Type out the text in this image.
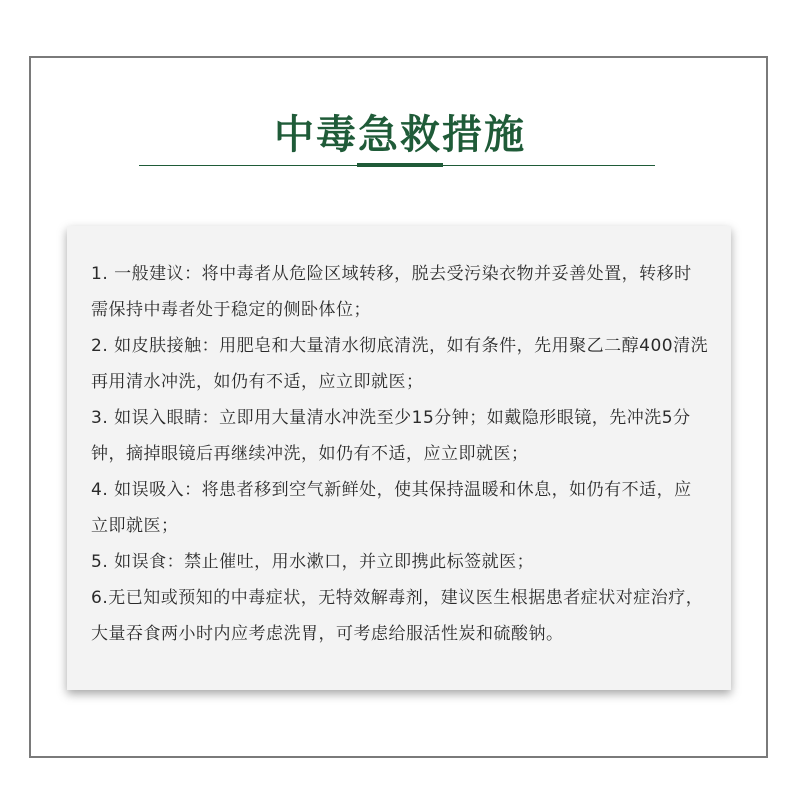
中毒急救措施

1. 一般建议：将中毒者从危险区域转移，脱去受污染衣物并妥善处置，转移时需保持中毒者处于稳定的侧卧体位；

2. 如皮肤接触：用肥皂和大量清水彻底清洗，如有条件，先用聚乙二醇400清洗再用清水冲洗，如仍有不适，应立即就医；

3. 如误入眼睛：立即用大量清水冲洗至少15分钟；如戴隐形眼镜，先冲洗5分钟，摘掉眼镜后再继续冲洗，如仍有不适，应立即就医；

4. 如误吸入：将患者移到空气新鲜处，使其保持温暖和休息，如仍有不适，应立即就医；

5. 如误食：禁止催吐，用水漱口，并立即携此标签就医；

6.无已知或预知的中毒症状，无特效解毒剂，建议医生根据患者症状对症治疗，大量吞食两小时内应考虑洗胃，可考虑给服活性炭和硫酸钠。
